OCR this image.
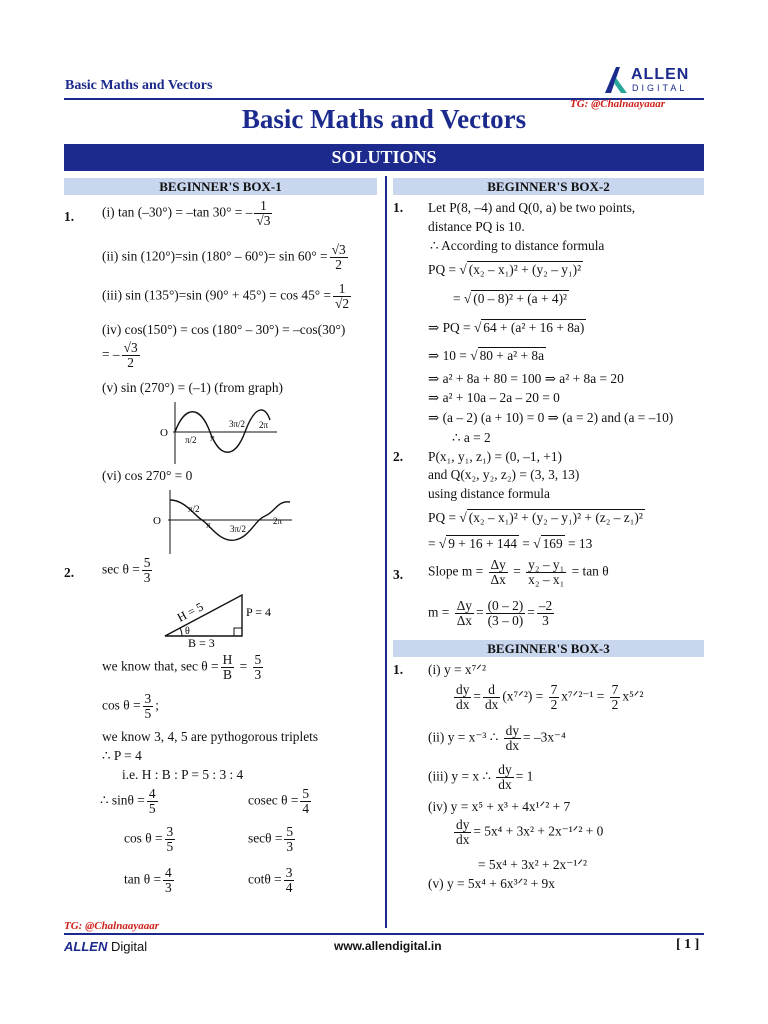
Basic Maths and Vectors
ALLEN
DIGITAL
TG: @Chalnaayaaar
Basic Maths and Vectors
SOLUTIONS
BEGINNER'S BOX-1
1. (i) tan (–30°) = –tan 30° = – $\frac{1}{√3}$
(ii) sin (120°)=sin $(180^\circ - 60^\circ)= \sin 60^\circ = \frac{√3}{2}$
(iii) sin (135°)=sin $(90^\circ + 45^\circ) = \cos 45^\circ = \frac{1}{√2}$
(iv) cos(150°) = cos (180° – 30°) = –cos(30°)
= – $\frac{√3}{2}$
(v) sin (270°) = (–1) (from graph)
O
π/2 π
3π/2 2π
(vi) cos 270° = 0
O
π/2
π 3π/2
2π
2. $\sec \theta = \frac{5}{3}$
H = 5	P = 4
B = 3
θ
we know that, $\sec \theta = \frac{H}{B} = \frac{5}{3}$
$\cos \theta = \frac{3}{5}$ ;
we know 3, 4, 5 are pythogorous triplets
∴ P = 4
i.e. H : B : P = 5 : 3 : 4
∴ $\sin\theta = \frac{4}{5}$	cosec $\theta = \frac{5}{4}$
$\cos \theta = \frac{3}{5}$	$\sec\theta = \frac{5}{3}$
$\tan \theta = \frac{4}{3}$	$\cot\theta = \frac{3}{4}$
BEGINNER'S BOX-2
1. Let P(8, –4) and Q(0, a) be two points,
distance PQ is 10.
∴ According to distance formula
PQ = √ (x₂ – x₁)² + (y₂ – y₁)²
= √ (0 – 8)² + (a + 4)²
⇒ PQ = √ 64 + (a² + 16 + 8a)
⇒ 10 = √ 80 + a² + 8a
⇒ a² + 8a + 80 = 100 ⇒ a² + 8a = 20
⇒ a² + 10a – 2a – 20 = 0
⇒ (a – 2) (a + 10) = 0 ⇒ (a = 2) and (a = –10)
∴ a = 2
2. P(x₁, y₁, z₁) = (0, –1, +1)
and Q(x₂, y₂, z₂) = (3, 3, 13)
using distance formula
PQ = √ (x₂ – x₁)² + (y₂ – y₁)² + (z₂ – z₁)²
= √ 9 + 16 + 144 = √ 169 = 13
3. Slope $m = \frac{\Delta y}{\Delta x} = \frac{\text{y₂ – y₁}}{\text{x₂ – x₁}} = \tan \theta$
$m = \frac{\Delta y}{\Delta x} = \frac{(0 - 2)}{(3 - 0)} = \frac{-2}{3}$
BEGINNER'S BOX-3
1. (i) y = x⁷ᐟ²
$\frac{dy}{dx} = \frac{d}{dx}$ (x⁷ᐟ²) = $\frac{7}{2}$ x⁷ᐟ²⁻¹ = $\frac{7}{2}$ x⁵ᐟ²
(ii) y = x⁻³ ∴ $\frac{dy}{dx} = -3x^{-4}$
(iii) y = x ∴ $\frac{dy}{dx} = 1$
(iv) y = x⁵ + x³ + 4x¹ᐟ² + 7
$\frac{dy}{dx} = 5x^4 + 3x^2$ + 2x⁻¹ᐟ² + 0
= 5x⁴ + 3x² + 2x⁻¹ᐟ²
(v) y = 5x⁴ + 6x³ᐟ² + 9x
TG: @Chalnaayaaar
ALLEN Digital	www.allendigital.in	[ 1 ]
